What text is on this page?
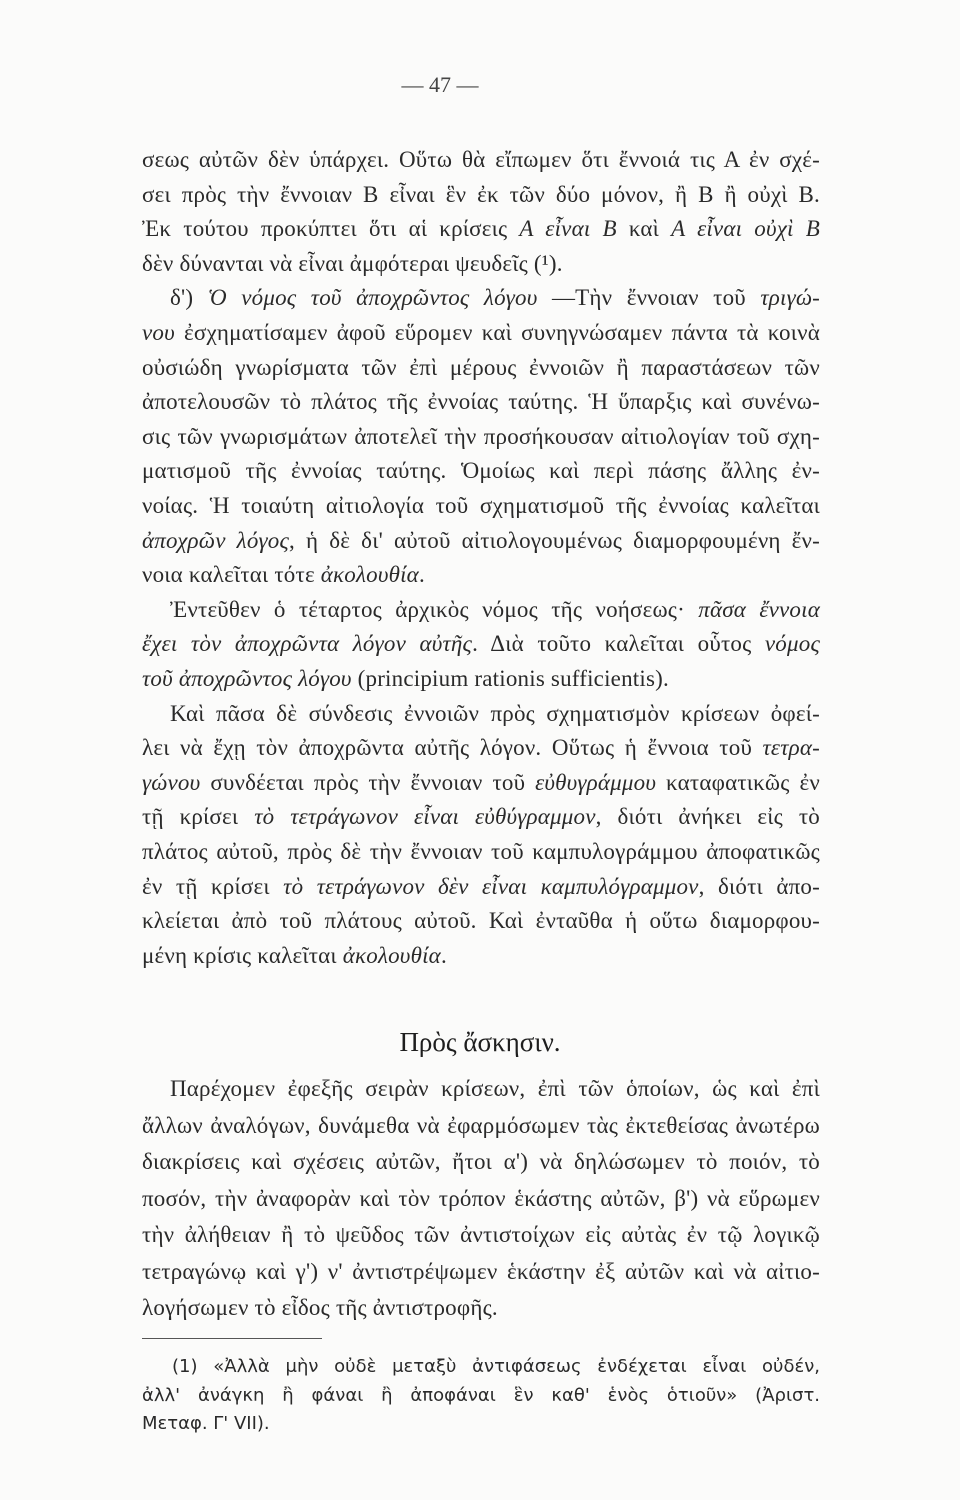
— 47 —
σεως αὐτῶν δὲν ὑπάρχει. Οὕτω θὰ εἴπωμεν ὅτι ἔννοιά τις Α ἐν σχέ-
σει πρὸς τὴν ἔννοιαν Β εἶναι ἓν ἐκ τῶν δύο μόνον, ἢ Β ἢ οὐχὶ Β.
Ἐκ τούτου προκύπτει ὅτι αἱ κρίσεις A εἶναι B καὶ A εἶναι οὐχὶ B
δὲν δύνανται νὰ εἶναι ἀμφότεραι ψευδεῖς (¹).
δ') Ὁ νόμος τοῦ ἀποχρῶντος λόγου —Τὴν ἔννοιαν τοῦ τριγώ-
νου ἐσχηματίσαμεν ἀφοῦ εὕρομεν καὶ συνηγνώσαμεν πάντα τὰ κοινὰ
οὐσιώδη γνωρίσματα τῶν ἐπὶ μέρους ἐννοιῶν ἢ παραστάσεων τῶν
ἀποτελουσῶν τὸ πλάτος τῆς ἐννοίας ταύτης. Ἡ ὕπαρξις καὶ συνένω-
σις τῶν γνωρισμάτων ἀποτελεῖ τὴν προσήκουσαν αἰτιολογίαν τοῦ σχη-
ματισμοῦ τῆς ἐννοίας ταύτης. Ὁμοίως καὶ περὶ πάσης ἄλλης ἐν-
νοίας. Ἡ τοιαύτη αἰτιολογία τοῦ σχηματισμοῦ τῆς ἐννοίας καλεῖται
ἀποχρῶν λόγος, ἡ δὲ δι' αὐτοῦ αἰτιολογουμένως διαμορφουμένη ἔν-
νοια καλεῖται τότε ἀκολουθία.
Ἐντεῦθεν ὁ τέταρτος ἀρχικὸς νόμος τῆς νοήσεως· πᾶσα ἔννοια
ἔχει τὸν ἀποχρῶντα λόγον αὐτῆς. Διὰ τοῦτο καλεῖται οὗτος νόμος
τοῦ ἀποχρῶντος λόγου (principium rationis sufficientis).
Καὶ πᾶσα δὲ σύνδεσις ἐννοιῶν πρὸς σχηματισμὸν κρίσεων ὀφεί-
λει νὰ ἔχῃ τὸν ἀποχρῶντα αὐτῆς λόγον. Οὕτως ἡ ἔννοια τοῦ τετρα-
γώνου συνδέεται πρὸς τὴν ἔννοιαν τοῦ εὐθυγράμμου καταφατικῶς ἐν
τῇ κρίσει τὸ τετράγωνον εἶναι εὐθύγραμμον, διότι ἀνήκει εἰς τὸ
πλάτος αὐτοῦ, πρὸς δὲ τὴν ἔννοιαν τοῦ καμπυλογράμμου ἀποφατικῶς
ἐν τῇ κρίσει τὸ τετράγωνον δὲν εἶναι καμπυλόγραμμον, διότι ἀπο-
κλείεται ἀπὸ τοῦ πλάτους αὐτοῦ. Καὶ ἐνταῦθα ἡ οὕτω διαμορφου-
μένη κρίσις καλεῖται ἀκολουθία.
Πρὸς ἄσκησιν.
Παρέχομεν ἐφεξῆς σειρὰν κρίσεων, ἐπὶ τῶν ὁποίων, ὡς καὶ ἐπὶ
ἄλλων ἀναλόγων, δυνάμεθα νὰ ἐφαρμόσωμεν τὰς ἐκτεθείσας ἀνωτέρω
διακρίσεις καὶ σχέσεις αὐτῶν, ἤτοι α') νὰ δηλώσωμεν τὸ ποιόν, τὸ
ποσόν, τὴν ἀναφορὰν καὶ τὸν τρόπον ἑκάστης αὐτῶν, β') νὰ εὕρωμεν
τὴν ἀλήθειαν ἢ τὸ ψεῦδος τῶν ἀντιστοίχων εἰς αὐτὰς ἐν τῷ λογικῷ
τετραγώνῳ καὶ γ') ν' ἀντιστρέψωμεν ἑκάστην ἐξ αὐτῶν καὶ νὰ αἰτιο-
λογήσωμεν τὸ εἶδος τῆς ἀντιστροφῆς.
(1) «Ἀλλὰ μὴν οὐδὲ μεταξὺ ἀντιφάσεως ἐνδέχεται εἶναι οὐδέν,
ἀλλ' ἀνάγκη ἢ φάναι ἢ ἀποφάναι ἓν καθ' ἑνὸς ὁτιοῦν» (Ἀριστ.
Μεταφ. Γ' VII).
